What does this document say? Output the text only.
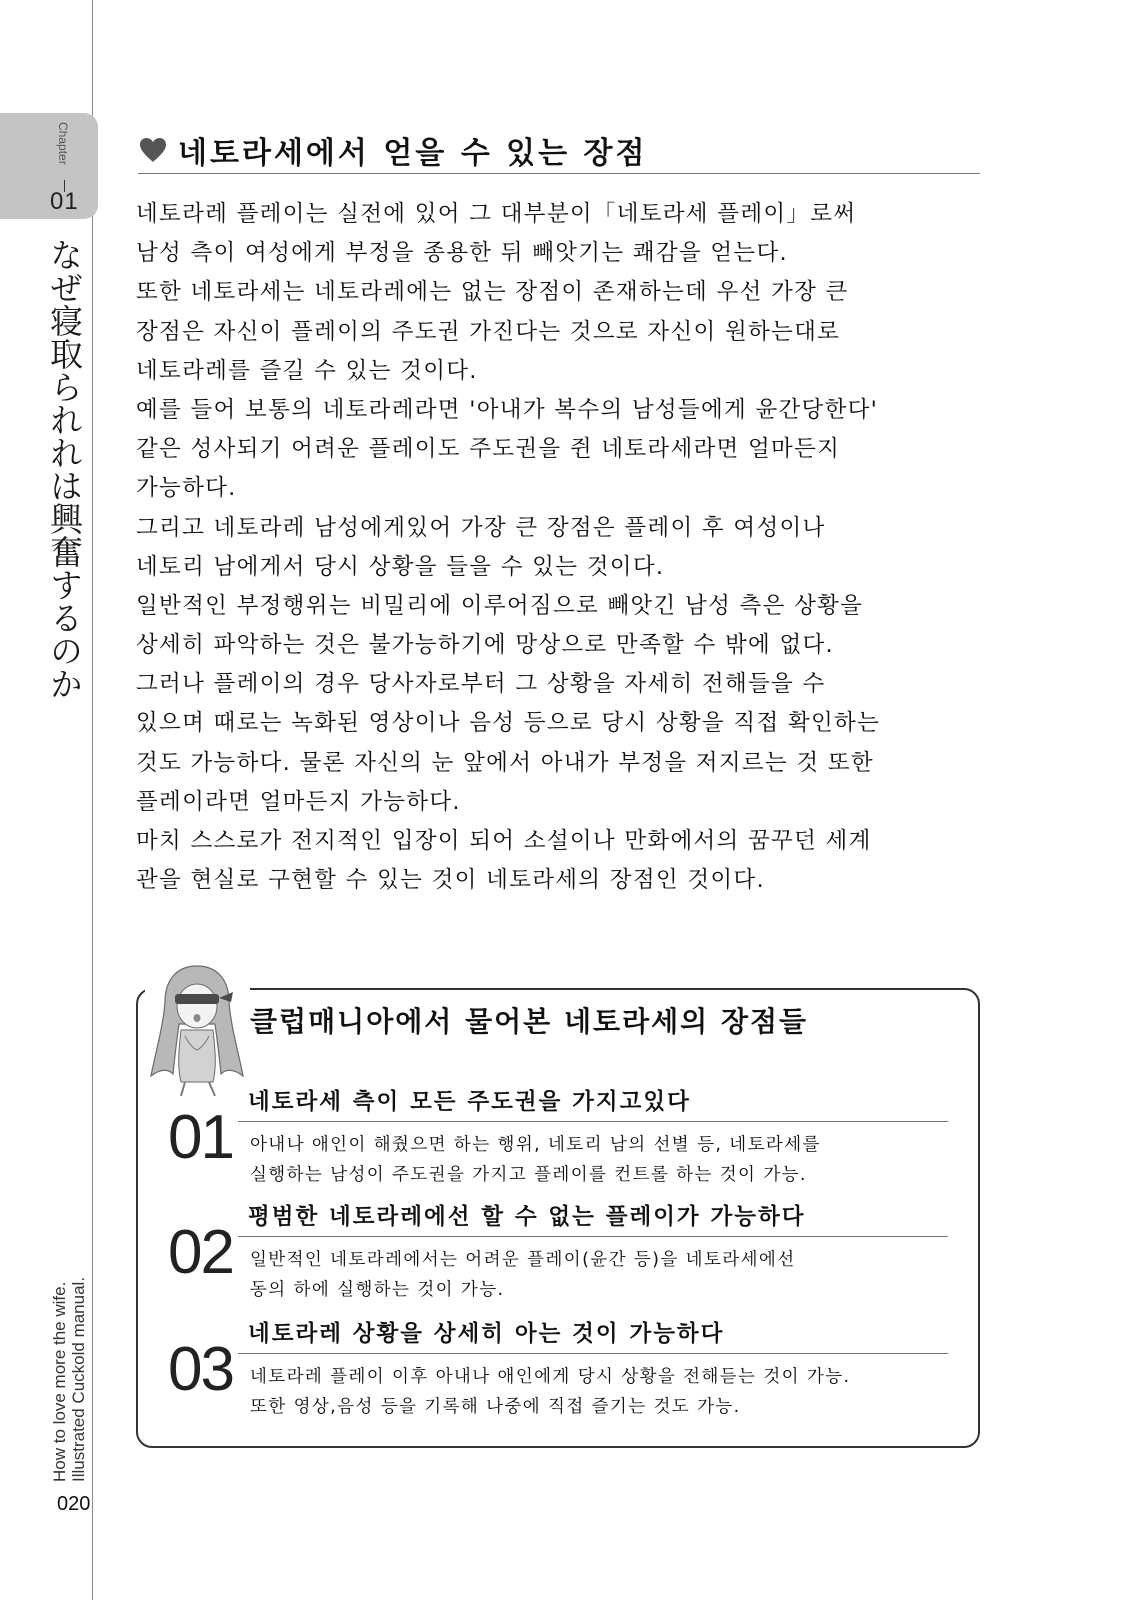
Chapter
01
なぜ寝取られれは興奮するのか
How to love more the wife. Illustrated Cuckold manual.
020
네토라세에서 얻을 수 있는 장점
네토라레 플레이는 실전에 있어 그 대부분이「네토라세 플레이」로써
남성 측이 여성에게 부정을 종용한 뒤 빼앗기는 쾌감을 얻는다.
또한 네토라세는 네토라레에는 없는 장점이 존재하는데 우선 가장 큰
장점은 자신이 플레이의 주도권 가진다는 것으로 자신이 원하는대로
네토라레를 즐길 수 있는 것이다.
예를 들어 보통의 네토라레라면 '아내가 복수의 남성들에게 윤간당한다'
같은 성사되기 어려운 플레이도 주도권을 쥔 네토라세라면 얼마든지
가능하다.
그리고 네토라레 남성에게있어 가장 큰 장점은 플레이 후 여성이나
네토리 남에게서 당시 상황을 들을 수 있는 것이다.
일반적인 부정행위는 비밀리에 이루어짐으로 빼앗긴 남성 측은 상황을
상세히 파악하는 것은 불가능하기에 망상으로 만족할 수 밖에 없다.
그러나 플레이의 경우 당사자로부터 그 상황을 자세히 전해들을 수
있으며 때로는 녹화된 영상이나 음성 등으로 당시 상황을 직접 확인하는
것도 가능하다. 물론 자신의 눈 앞에서 아내가 부정을 저지르는 것 또한
플레이라면 얼마든지 가능하다.
마치 스스로가 전지적인 입장이 되어 소설이나 만화에서의 꿈꾸던 세계
관을 현실로 구현할 수 있는 것이 네토라세의 장점인 것이다.
클럽매니아에서 물어본 네토라세의 장점들
01
네토라세 측이 모든 주도권을 가지고있다
아내나 애인이 해줬으면 하는 행위, 네토리 남의 선별 등, 네토라세를
실행하는 남성이 주도권을 가지고 플레이를 컨트롤 하는 것이 가능.
02
평범한 네토라레에선 할 수 없는 플레이가 가능하다
일반적인 네토라레에서는 어려운 플레이(윤간 등)을 네토라세에선
동의 하에 실행하는 것이 가능.
03
네토라레 상황을 상세히 아는 것이 가능하다
네토라레 플레이 이후 아내나 애인에게 당시 상황을 전해듣는 것이 가능.
또한 영상,음성 등을 기록해 나중에 직접 즐기는 것도 가능.
